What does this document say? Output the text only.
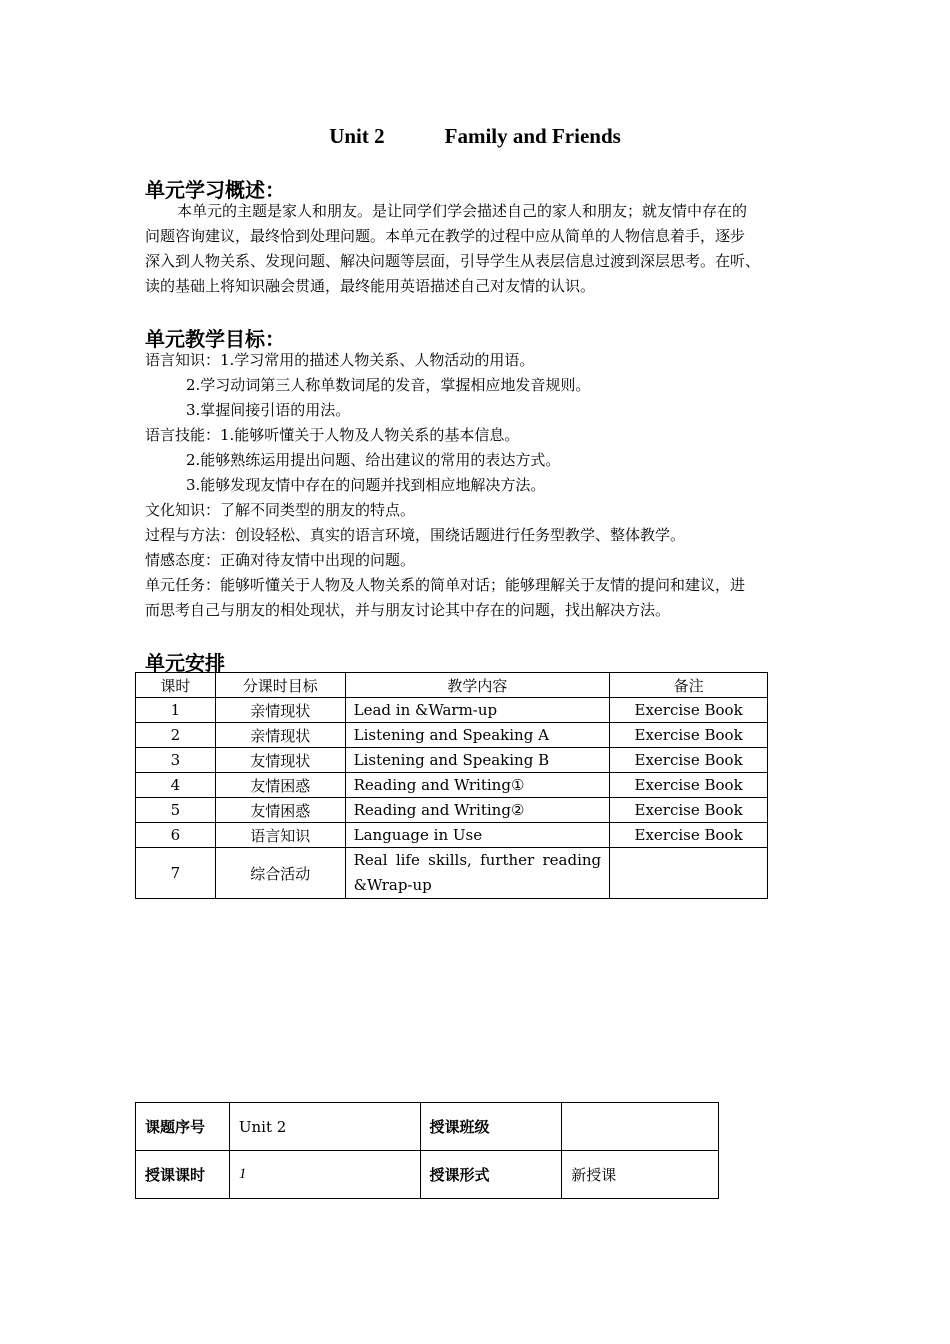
Unit 2	Family and Friends
单元学习概述：
本单元的主题是家人和朋友。是让同学们学会描述自己的家人和朋友；就友情中存在的
问题咨询建议，最终恰到处理问题。本单元在教学的过程中应从简单的人物信息着手，逐步
深入到人物关系、发现问题、解决问题等层面，引导学生从表层信息过渡到深层思考。在听、
读的基础上将知识融会贯通，最终能用英语描述自己对友情的认识。
单元教学目标：
语言知识：1.学习常用的描述人物关系、人物活动的用语。
2.学习动词第三人称单数词尾的发音，掌握相应地发音规则。
3.掌握间接引语的用法。
语言技能：1.能够听懂关于人物及人物关系的基本信息。
2.能够熟练运用提出问题、给出建议的常用的表达方式。
3.能够发现友情中存在的问题并找到相应地解决方法。
文化知识：了解不同类型的朋友的特点。
过程与方法：创设轻松、真实的语言环境，围绕话题进行任务型教学、整体教学。
情感态度：正确对待友情中出现的问题。
单元任务：能够听懂关于人物及人物关系的简单对话；能够理解关于友情的提问和建议，进
而思考自己与朋友的相处现状，并与朋友讨论其中存在的问题，找出解决方法。
单元安排
课时	分课时目标	教学内容	备注
1	亲情现状	Lead in &Warm-up	Exercise Book
2	亲情现状	Listening and Speaking A	Exercise Book
3	友情现状	Listening and Speaking B	Exercise Book
4	友情困惑	Reading and Writing①	Exercise Book
5	友情困惑	Reading and Writing②	Exercise Book
6	语言知识	Language in Use	Exercise Book
7	综合活动	Real life skills, further reading &Wrap-up	
课题序号	Unit 2	授课班级	
授课课时	1	授课形式	新授课
